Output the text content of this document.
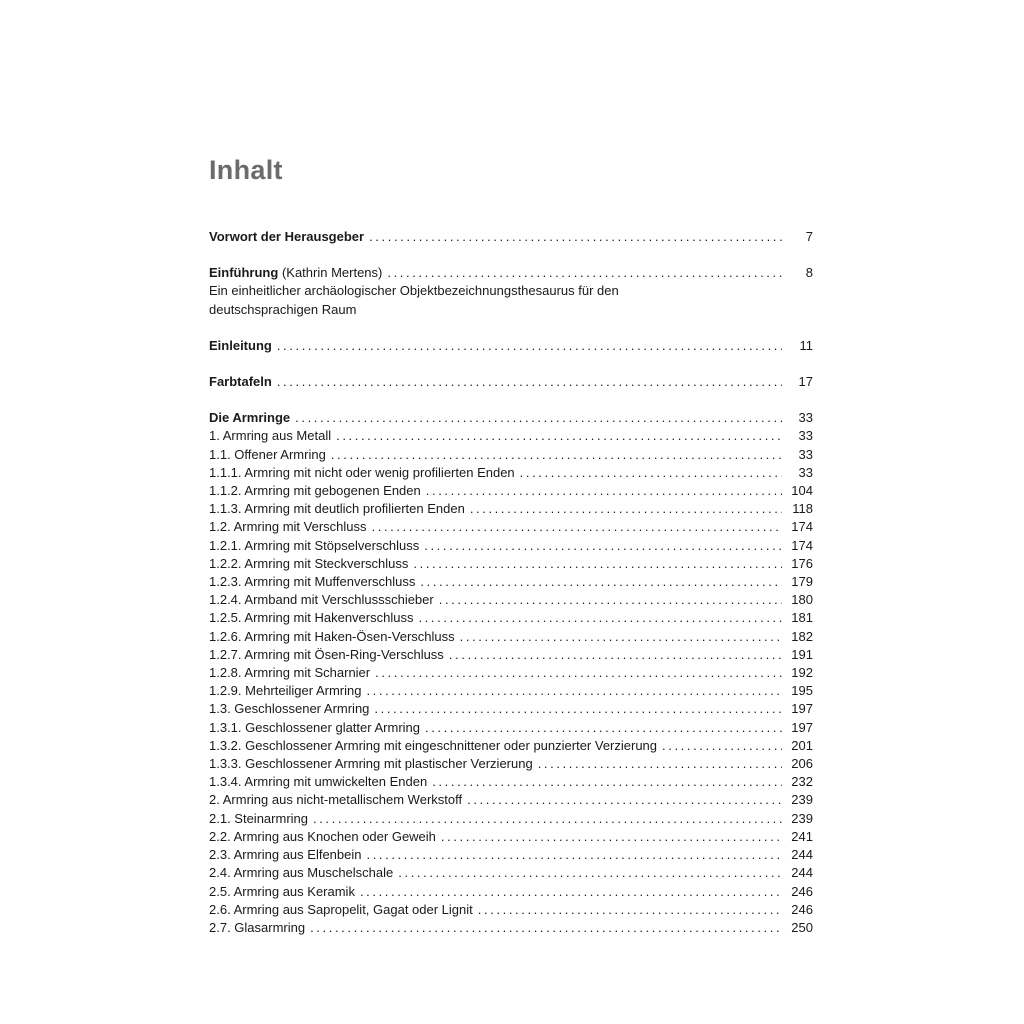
Inhalt
Vorwort der Herausgeber .....	7
Einführung (Kathrin Mertens) .....	8
Ein einheitlicher archäologischer Objektbezeichnungsthesaurus für den
deutschsprachigen Raum
Einleitung .....	11
Farbtafeln .....	17
Die Armringe .....	33
1. Armring aus Metall .....	33
1.1. Offener Armring .....	33
1.1.1. Armring mit nicht oder wenig profilierten Enden .....	33
1.1.2. Armring mit gebogenen Enden .....	104
1.1.3. Armring mit deutlich profilierten Enden .....	118
1.2. Armring mit Verschluss .....	174
1.2.1. Armring mit Stöpselverschluss .....	174
1.2.2. Armring mit Steckverschluss .....	176
1.2.3. Armring mit Muffenverschluss .....	179
1.2.4. Armband mit Verschlussschieber .....	180
1.2.5. Armring mit Hakenverschluss .....	181
1.2.6. Armring mit Haken-Ösen-Verschluss .....	182
1.2.7. Armring mit Ösen-Ring-Verschluss .....	191
1.2.8. Armring mit Scharnier .....	192
1.2.9. Mehrteiliger Armring .....	195
1.3. Geschlossener Armring .....	197
1.3.1. Geschlossener glatter Armring .....	197
1.3.2. Geschlossener Armring mit eingeschnittener oder punzierter Verzierung .....	201
1.3.3. Geschlossener Armring mit plastischer Verzierung .....	206
1.3.4. Armring mit umwickelten Enden .....	232
2. Armring aus nicht-metallischem Werkstoff .....	239
2.1. Steinarmring .....	239
2.2. Armring aus Knochen oder Geweih .....	241
2.3. Armring aus Elfenbein .....	244
2.4. Armring aus Muschelschale .....	244
2.5. Armring aus Keramik .....	246
2.6. Armring aus Sapropelit, Gagat oder Lignit .....	246
2.7. Glasarmring .....	250
